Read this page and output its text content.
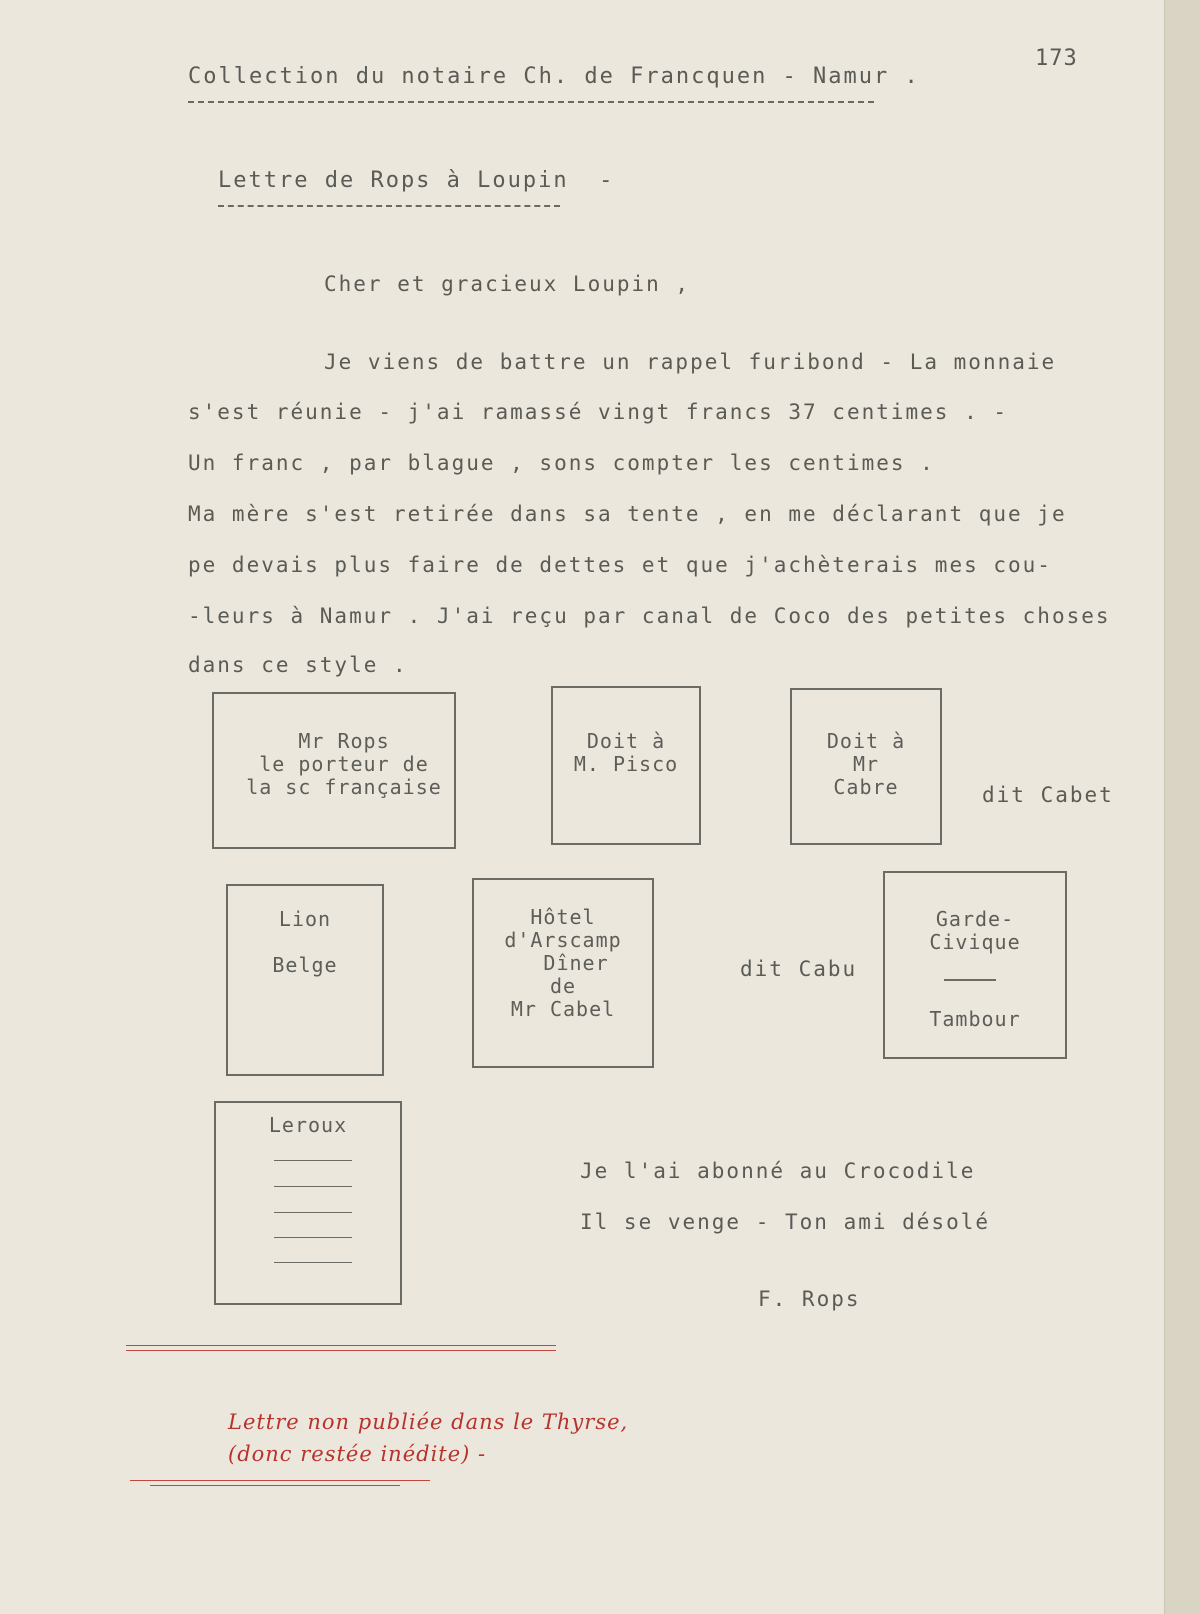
Collection du notaire Ch. de Francquen - Namur .
173
Lettre de Rops à Loupin  -
Cher et gracieux Loupin ,
Je viens de battre un rappel furibond - La monnaie
s'est réunie - j'ai ramassé vingt francs 37 centimes . -
Un franc , par blague , sons compter les centimes .
Ma mère s'est retirée dans sa tente , en me déclarant que je
pe devais plus faire de dettes et que j'achèterais mes cou-
-leurs à Namur . J'ai reçu par canal de Coco des petites choses
dans ce style .
Mr Rops
le porteur de
la sc française
Doit à
M. Pisco
Doit à
Mr
Cabre	dit Cabet
Lion

Belge
Hôtel
d'Arscamp
Dîner
de
Mr Cabel
dit Cabu
Garde-
Civique
Tambour
Leroux
Je l'ai abonné au Crocodile
Il se venge - Ton ami désolé
F. Rops
Lettre non publiée dans le Thyrse,
(donc restée inédite) -
